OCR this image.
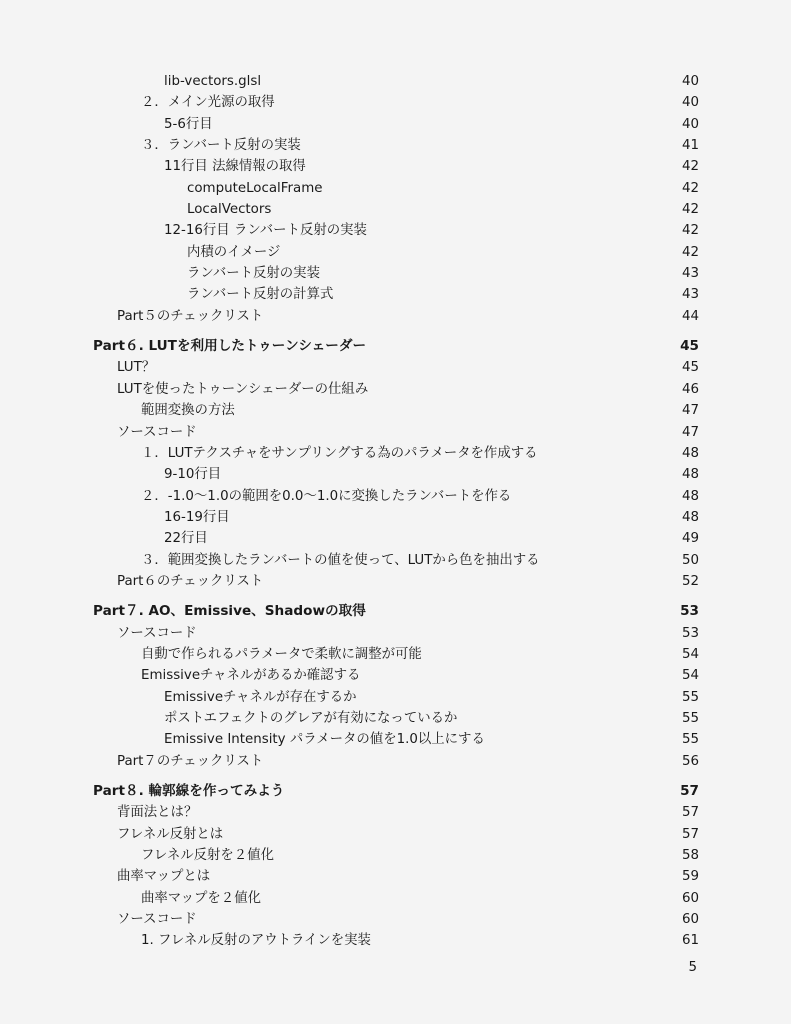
lib-vectors.glsl	40
２．メイン光源の取得	40
5-6行目	40
３．ランバート反射の実装	41
11行目 法線情報の取得	42
computeLocalFrame	42
LocalVectors	42
12-16行目 ランバート反射の実装	42
内積のイメージ	42
ランバート反射の実装	43
ランバート反射の計算式	43
Part５のチェックリスト	44
Part６. LUTを利用したトゥーンシェーダー	45
LUT？	45
LUTを使ったトゥーンシェーダーの仕組み	46
範囲変換の方法	47
ソースコード	47
１．LUTテクスチャをサンプリングする為のパラメータを作成する	48
9-10行目	48
２．-1.0〜1.0の範囲を0.0〜1.0に変換したランバートを作る	48
16-19行目	48
22行目	49
３．範囲変換したランバートの値を使って、LUTから色を抽出する	50
Part６のチェックリスト	52
Part７. AO、Emissive、Shadowの取得	53
ソースコード	53
自動で作られるパラメータで柔軟に調整が可能	54
Emissiveチャネルがあるか確認する	54
Emissiveチャネルが存在するか	55
ポストエフェクトのグレアが有効になっているか	55
Emissive Intensity パラメータの値を1.0以上にする	55
Part７のチェックリスト	56
Part８. 輪郭線を作ってみよう	57
背面法とは？	57
フレネル反射とは	57
フレネル反射を２値化	58
曲率マップとは	59
曲率マップを２値化	60
ソースコード	60
1. フレネル反射のアウトラインを実装	61
5
